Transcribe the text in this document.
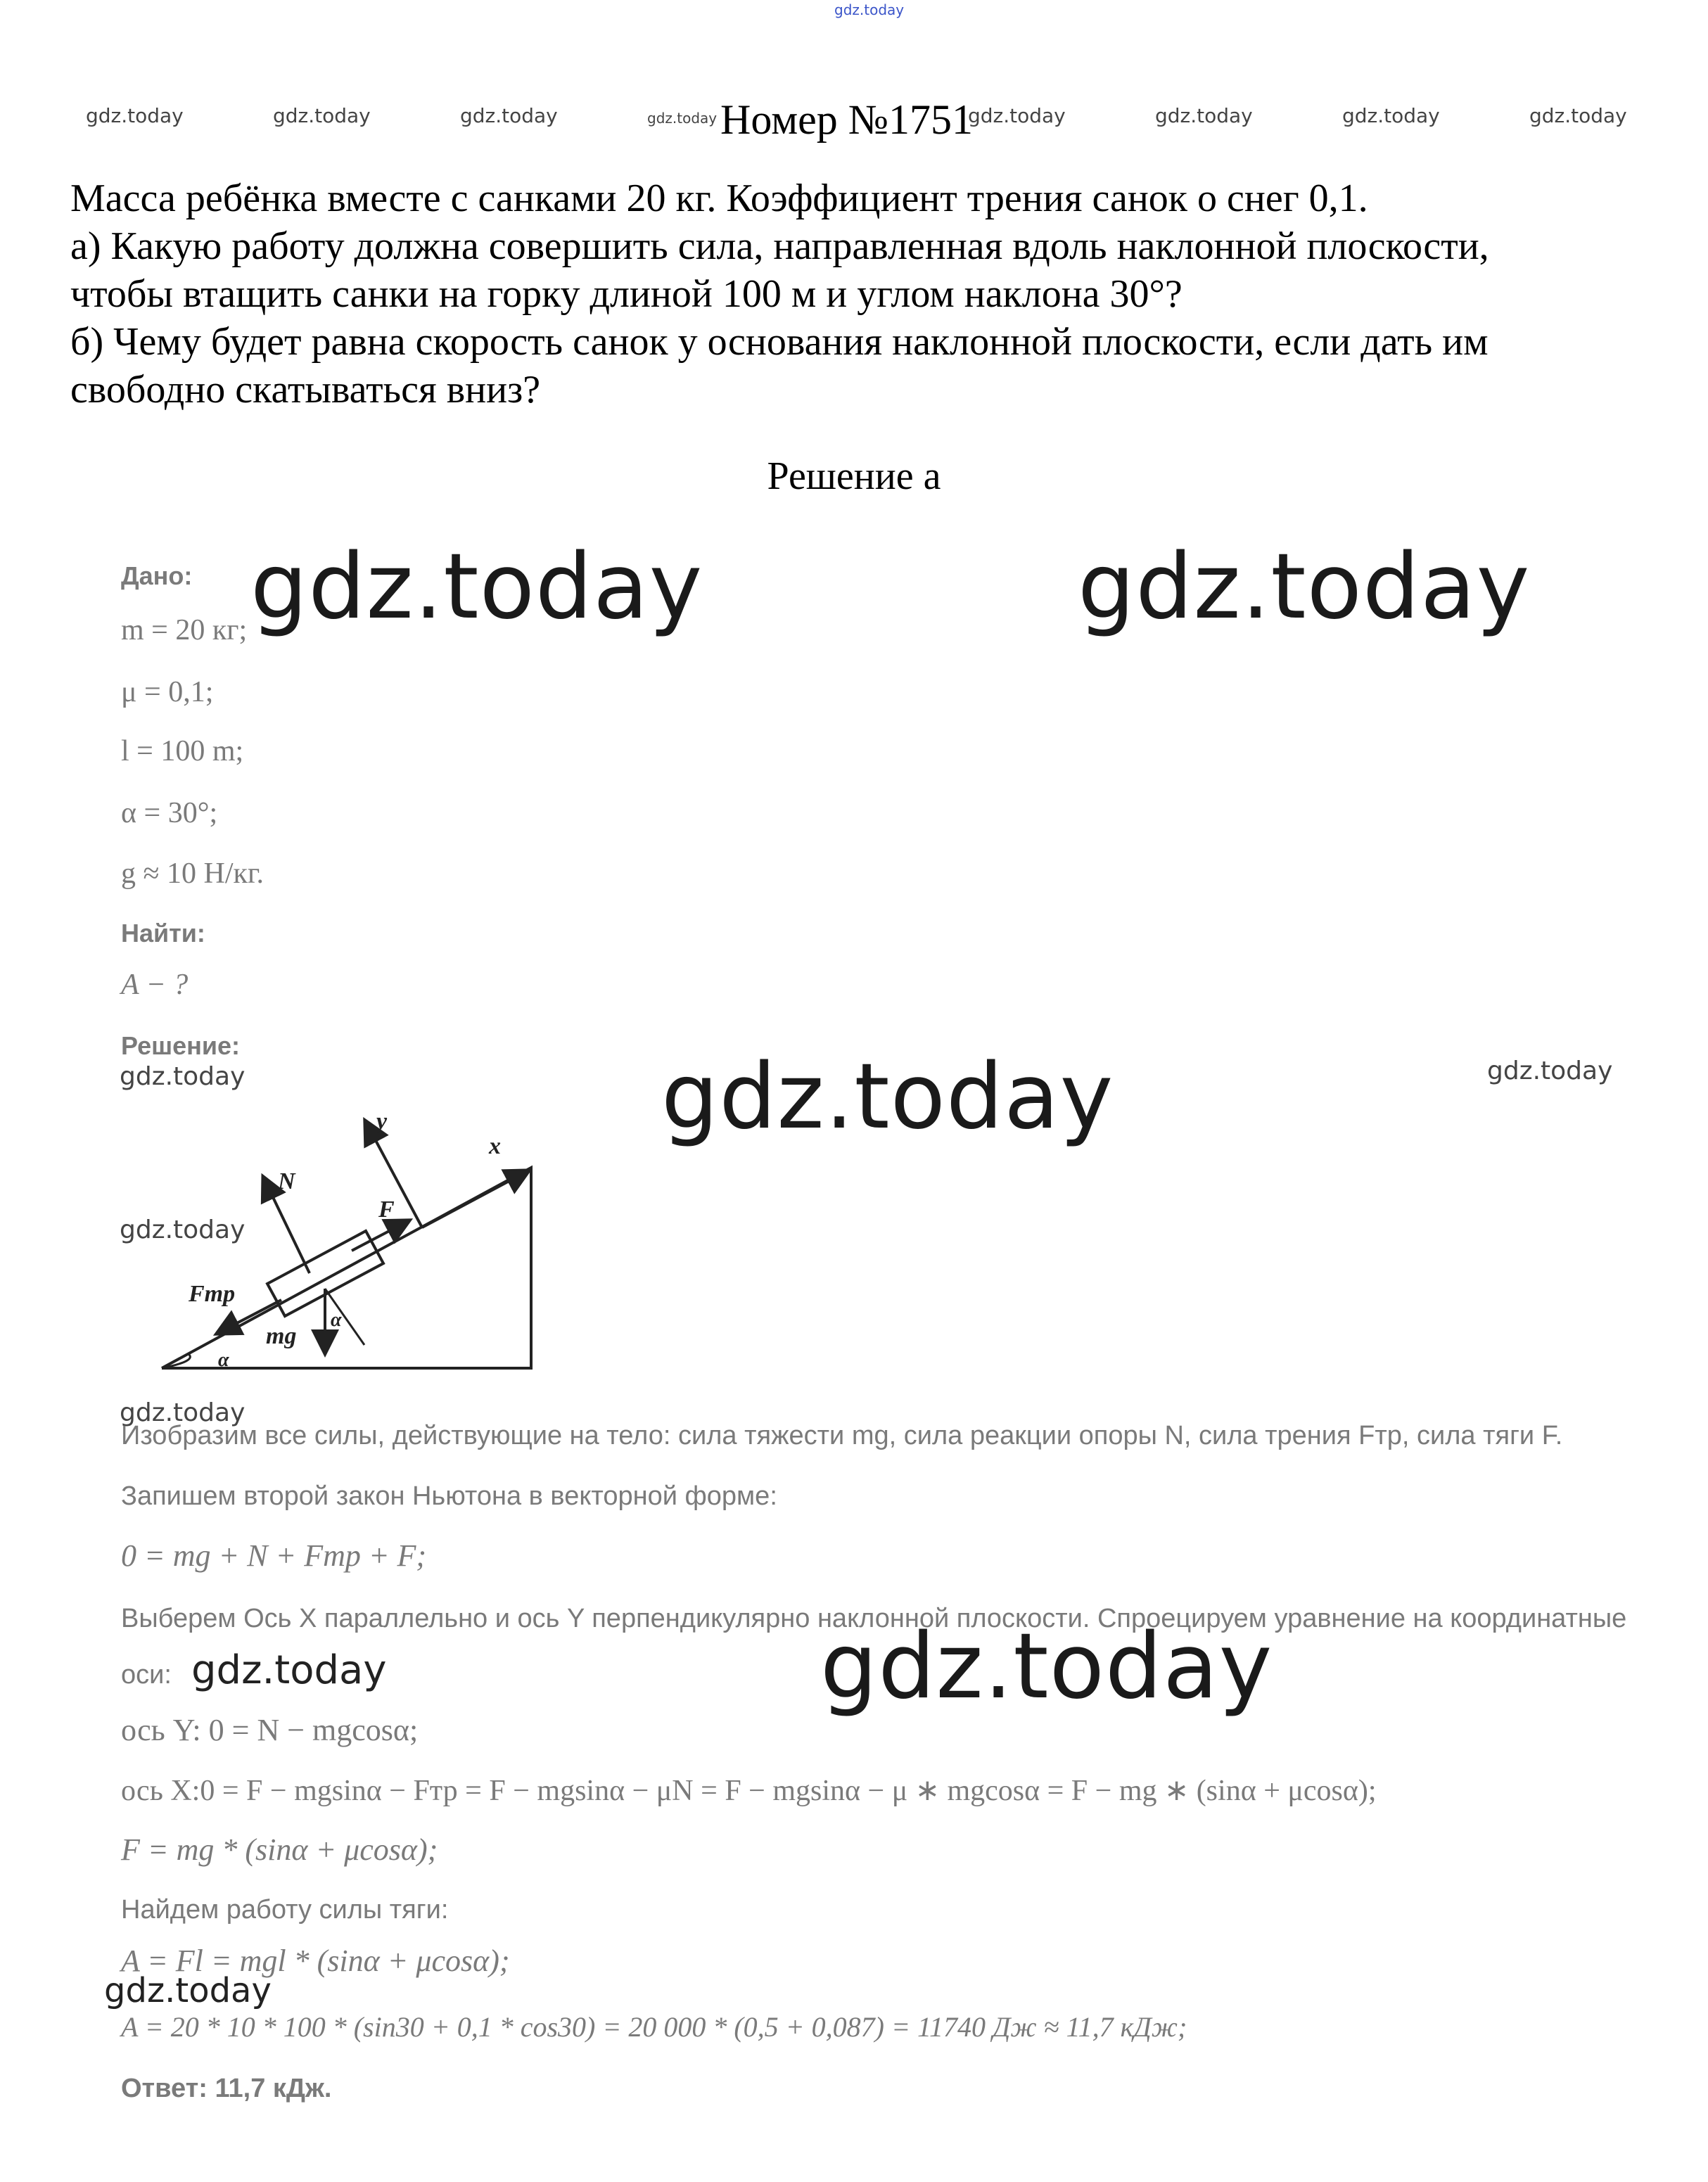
gdz.today
gdz.today	gdz.today	gdz.today	gdz.today Номер №1751
gdz.today	gdz.today	gdz.today	gdz.today
Масса ребёнка вместе с санками 20 кг. Коэффициент трения санок о снег 0,1.
а) Какую работу должна совершить сила, направленная вдоль наклонной плоскости,
чтобы втащить санки на горку длиной 100 м и углом наклона 30°?
б) Чему будет равна скорость санок у основания наклонной плоскости, если дать им
свободно скатываться вниз?
Решение а
gdz.today	gdz.today
gdz.today
gdz.today
gdz.today	gdz.today
gdz.today
gdz.today
gdz.today
gdz.today
Дано:
m = 20 кг;
μ = 0,1;
l = 100 m;
α = 30°;
g ≈ 10 Н/кг.
Найти:
A − ?
Решение:
y
x
N
F
Fтр
mg
α
α
Изобразим все силы, действующие на тело: сила тяжести mg, сила реакции опоры N, сила трения Fтр, сила тяги F.
Запишем второй закон Ньютона в векторной форме:
0 = mg + N + Fтр + F;
Выберем Ось X параллельно и ось Y перпендикулярно наклонной плоскости. Спроецируем уравнение на координатные
оси:
ось Y: 0 = N − mgcosα;
ось X:0 = F − mgsinα − Fтр = F − mgsinα − μN = F − mgsinα − μ ∗ mgcosα = F − mg ∗ (sinα + μcosα);
F = mg * (sinα + μcosα);
Найдем работу силы тяги:
A = Fl = mgl * (sinα + μcosα);
A = 20 * 10 * 100 * (sin30 + 0,1 * cos30) = 20 000 * (0,5 + 0,087) = 11740 Дж ≈ 11,7 кДж;
Ответ: 11,7 кДж.
